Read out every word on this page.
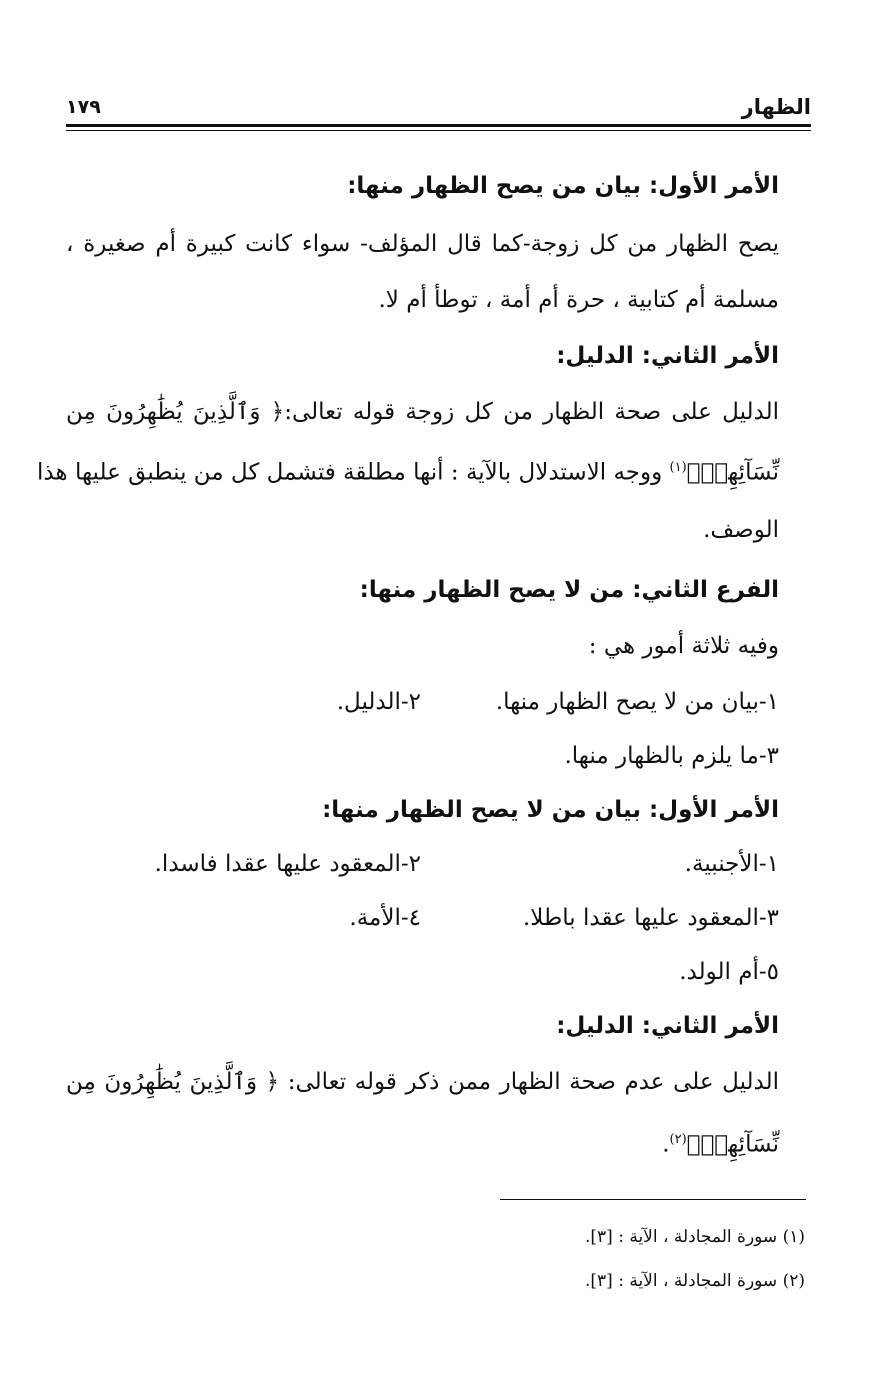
الظهار
١٧٩
الأمر الأول: بيان من يصح الظهار منها:
يصح الظهار من كل زوجة-كما قال المؤلف- سواء كانت كبيرة أم صغيرة ،
مسلمة أم كتابية ، حرة أم أمة ، توطأ أم لا.
الأمر الثاني: الدليل:
الدليل على صحة الظهار من كل زوجة قوله تعالى:﴿ وَٱلَّذِينَ يُظَٰهِرُونَ مِن
نِّسَآئِهِمۡ﴾$^{(١)}$ ووجه الاستدلال بالآية : أنها مطلقة فتشمل كل من ينطبق عليها هذا
الوصف.
الفرع الثاني: من لا يصح الظهار منها:
وفيه ثلاثة أمور هي :
١-بيان من لا يصح الظهار منها.
٢-الدليل.
٣-ما يلزم بالظهار منها.
الأمر الأول: بيان من لا يصح الظهار منها:
١-الأجنبية.
٢-المعقود عليها عقدا فاسدا.
٣-المعقود عليها عقدا باطلا.
٤-الأمة.
٥-أم الولد.
الأمر الثاني: الدليل:
الدليل على عدم صحة الظهار ممن ذكر قوله تعالى: ﴿ وَٱلَّذِينَ يُظَٰهِرُونَ مِن
نِّسَآئِهِمۡ﴾$^{(٢)}$.
(١) سورة المجادلة ، الآية : [٣].
(٢) سورة المجادلة ، الآية : [٣].
